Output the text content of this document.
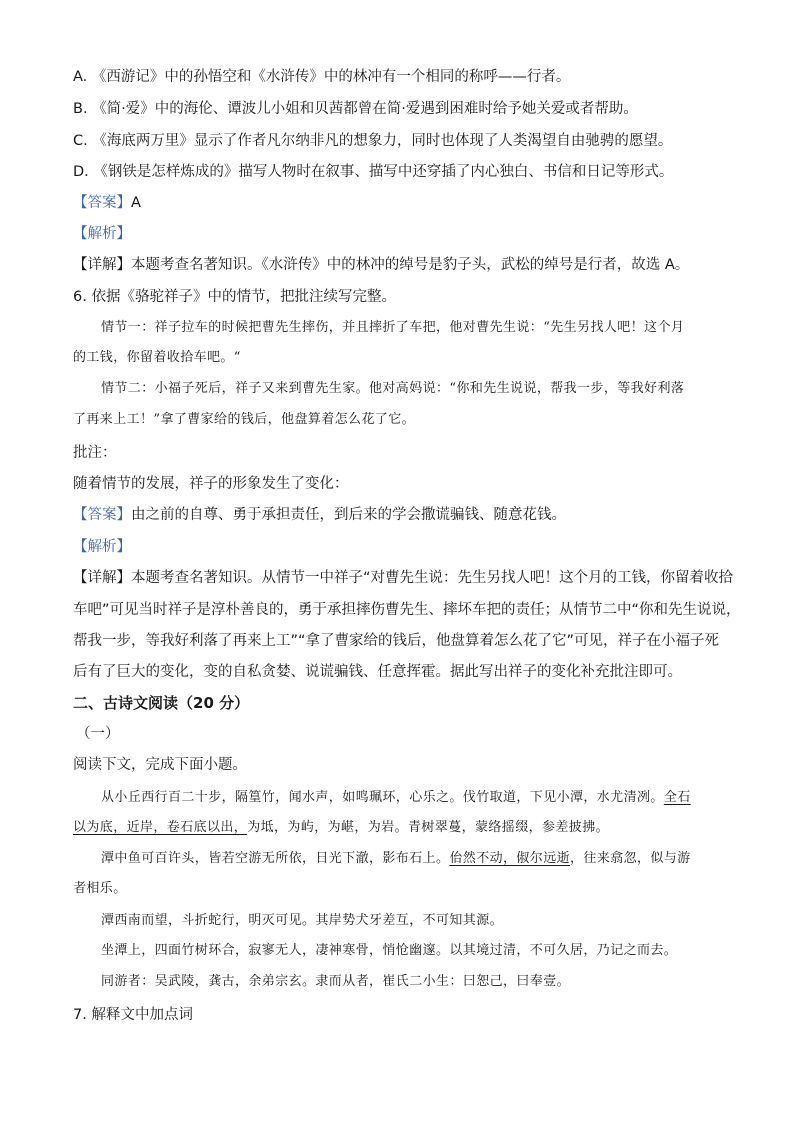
A. 《西游记》中的孙悟空和《水浒传》中的林冲有一个相同的称呼——行者。
B. 《简·爱》中的海伦、谭波儿小姐和贝茜都曾在简·爱遇到困难时给予她关爱或者帮助。
C. 《海底两万里》显示了作者凡尔纳非凡的想象力，同时也体现了人类渴望自由驰骋的愿望。
D. 《钢铁是怎样炼成的》描写人物时在叙事、描写中还穿插了内心独白、书信和日记等形式。
【答案】A
【解析】
【详解】本题考查名著知识。《水浒传》中的林冲的绰号是豹子头，武松的绰号是行者，故选 A。
6. 依据《骆驼祥子》中的情节，把批注续写完整。
情节一：祥子拉车的时候把曹先生摔伤，并且摔折了车把，他对曹先生说：“先生另找人吧！这个月
的工钱，你留着收拾车吧。“
情节二：小福子死后，祥子又来到曹先生家。他对高妈说：“你和先生说说，帮我一步，等我好利落
了再来上工！”拿了曹家给的钱后，他盘算着怎么花了它。
批注：
随着情节的发展，祥子的形象发生了变化：
【答案】由之前的自尊、勇于承担责任，到后来的学会撒谎骗钱、随意花钱。
【解析】
【详解】本题考查名著知识。从情节一中祥子“对曹先生说：先生另找人吧！这个月的工钱，你留着收拾
车吧”可见当时祥子是淳朴善良的，勇于承担摔伤曹先生、摔坏车把的责任；从情节二中“你和先生说说，
帮我一步，等我好利落了再来上工”“拿了曹家给的钱后，他盘算着怎么花了它”可见，祥子在小福子死
后有了巨大的变化，变的自私贪婪、说谎骗钱、任意挥霍。据此写出祥子的变化补充批注即可。
二、古诗文阅读（20 分）
（一）
阅读下文，完成下面小题。
从小丘西行百二十步，隔篁竹，闻水声，如鸣珮环，心乐之。伐竹取道，下见小潭，水尤清冽。全石
以为底，近岸，卷石底以出，为坻，为屿，为嵁，为岩。青树翠蔓，蒙络摇缀，参差披拂。
潭中鱼可百许头，皆若空游无所依，日光下澈，影布石上。佁然不动，俶尔远逝，往来翕忽，似与游
者相乐。
潭西南而望，斗折蛇行，明灭可见。其岸势犬牙差互，不可知其源。
坐潭上，四面竹树环合，寂寥无人，凄神寒骨，悄怆幽邃。以其境过清，不可久居，乃记之而去。
同游者：吴武陵，龚古，余弟宗玄。隶而从者，崔氏二小生：曰恕己，曰奉壹。
7. 解释文中加点词
